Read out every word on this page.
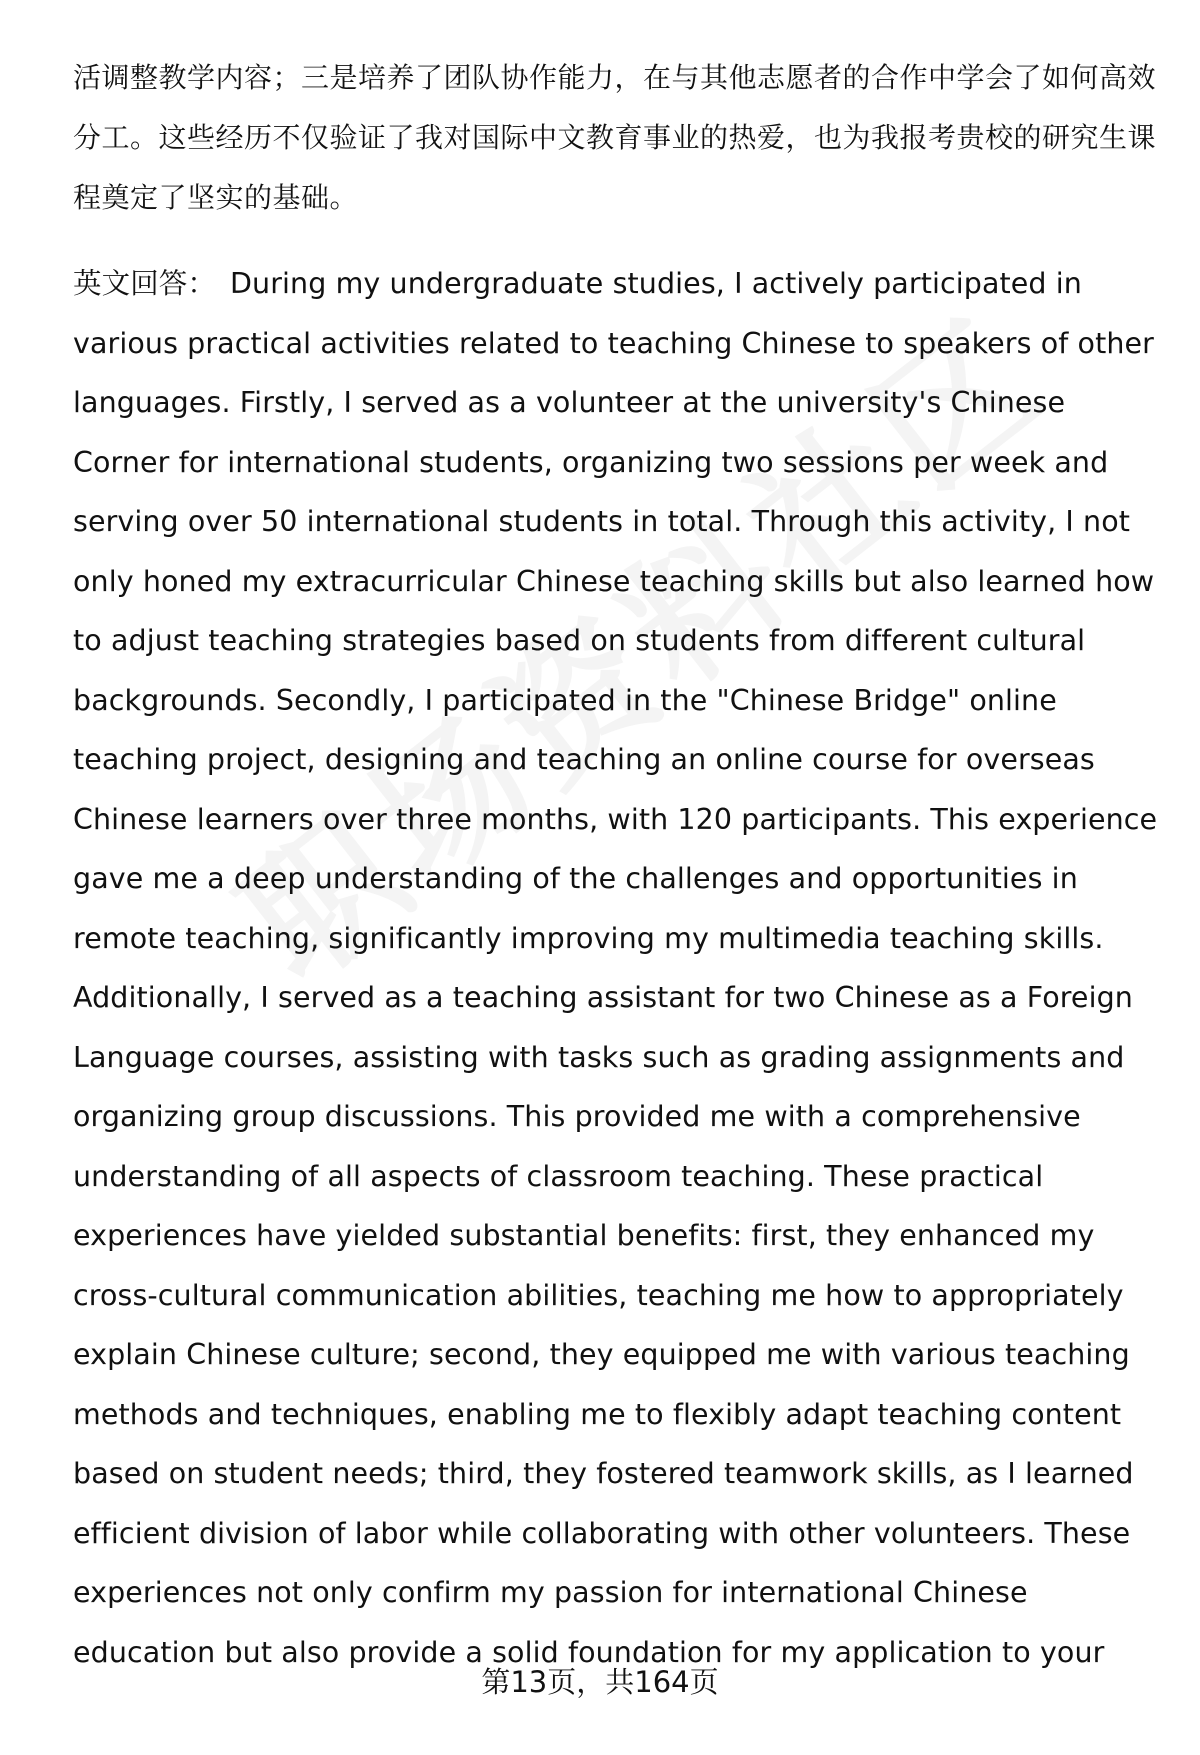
活调整教学内容；三是培养了团队协作能力，在与其他志愿者的合作中学会了如何高效分工。这些经历不仅验证了我对国际中文教育事业的热爱，也为我报考贵校的研究生课程奠定了坚实的基础。

英文回答： During my undergraduate studies, I actively participated in various practical activities related to teaching Chinese to speakers of other languages. Firstly, I served as a volunteer at the university's Chinese Corner for international students, organizing two sessions per week and serving over 50 international students in total. Through this activity, I not only honed my extracurricular Chinese teaching skills but also learned how to adjust teaching strategies based on students from different cultural backgrounds. Secondly, I participated in the "Chinese Bridge" online teaching project, designing and teaching an online course for overseas Chinese learners over three months, with 120 participants. This experience gave me a deep understanding of the challenges and opportunities in remote teaching, significantly improving my multimedia teaching skills. Additionally, I served as a teaching assistant for two Chinese as a Foreign Language courses, assisting with tasks such as grading assignments and organizing group discussions. This provided me with a comprehensive understanding of all aspects of classroom teaching. These practical experiences have yielded substantial benefits: first, they enhanced my cross-cultural communication abilities, teaching me how to appropriately explain Chinese culture; second, they equipped me with various teaching methods and techniques, enabling me to flexibly adapt teaching content based on student needs; third, they fostered teamwork skills, as I learned efficient division of labor while collaborating with other volunteers. These experiences not only confirm my passion for international Chinese education but also provide a solid foundation for my application to your

第13页，共164页
